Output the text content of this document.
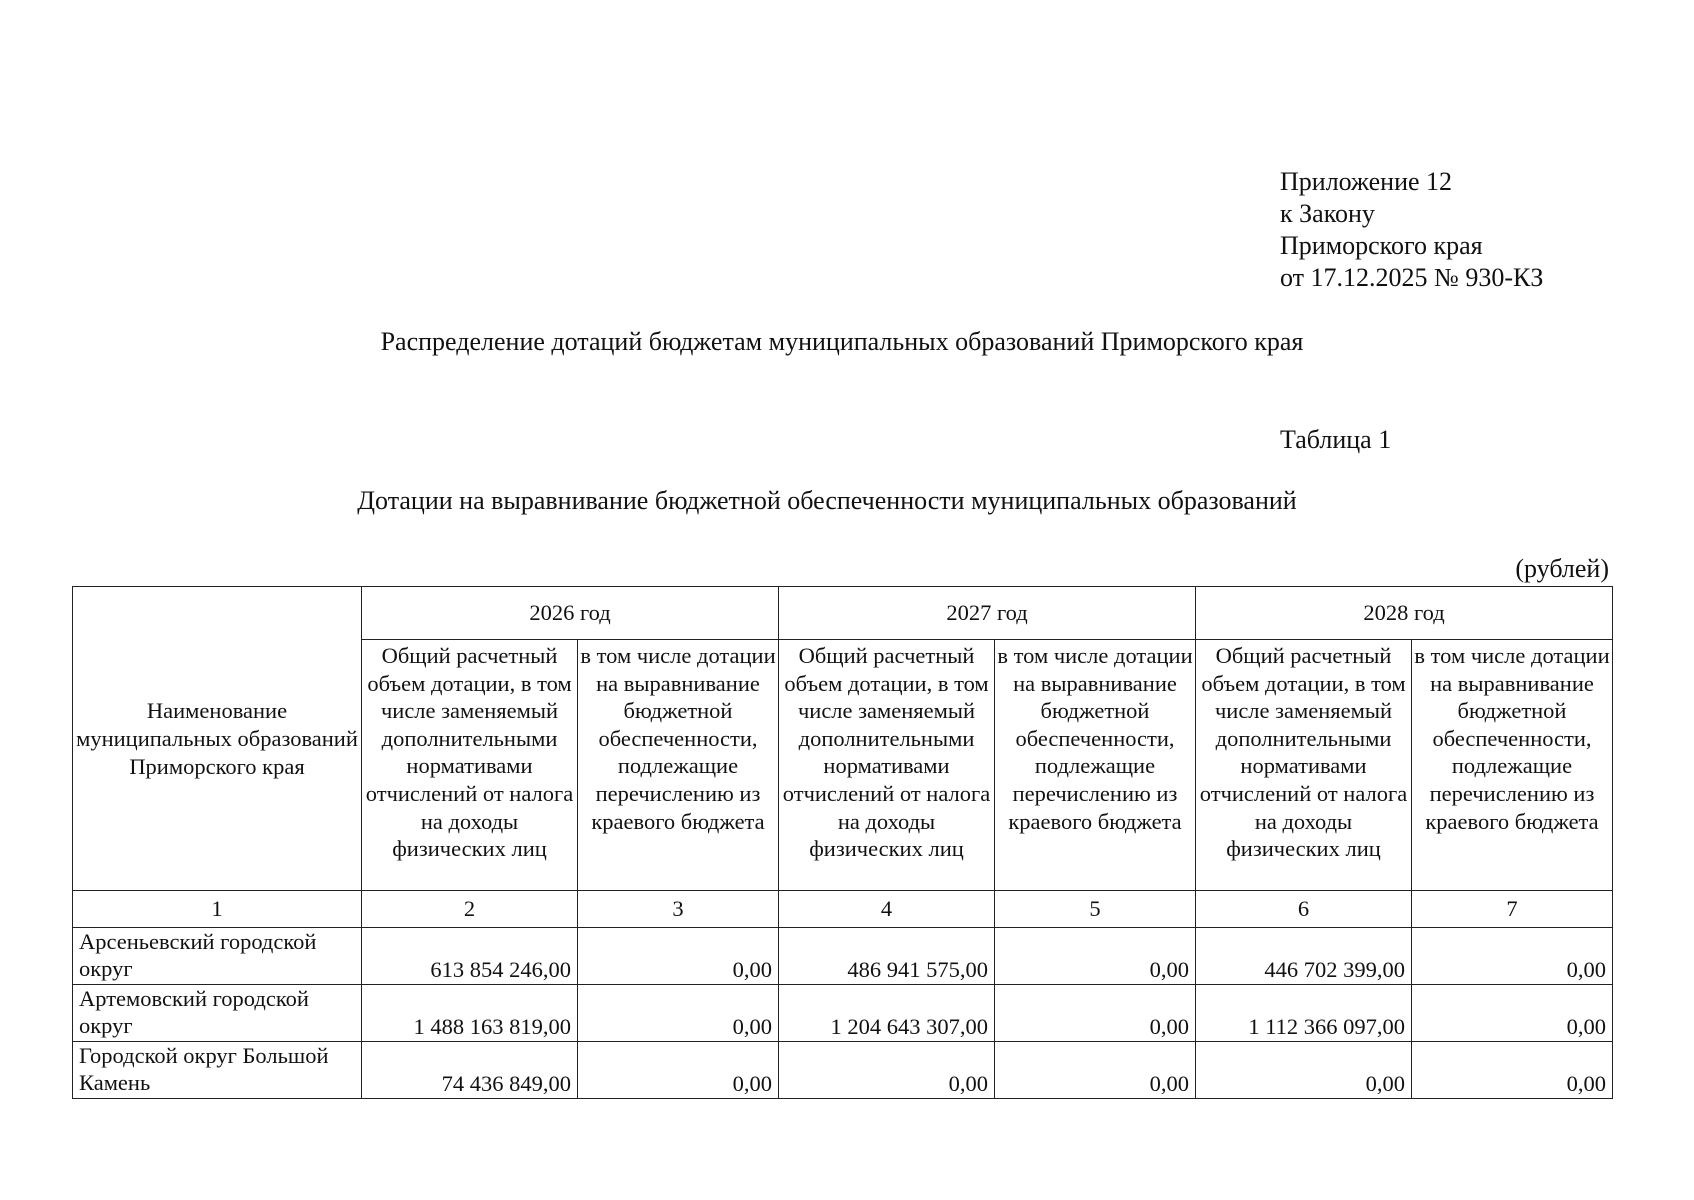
Приложение 12
к Закону
Приморского края
от 17.12.2025 № 930-КЗ
Распределение дотаций бюджетам муниципальных образований Приморского края
Таблица 1
Дотации на выравнивание бюджетной обеспеченности муниципальных образований
(рублей)
Наименование муниципальных образований Приморского края	2026 год		2027 год		2028 год	
	Общий расчетный объем дотации, в том числе заменяемый дополнительными нормативами отчислений от налога на доходы физических лиц	в том числе дотации на выравнивание бюджетной обеспеченности, подлежащие перечислению из краевого бюджета	Общий расчетный объем дотации, в том числе заменяемый дополнительными нормативами отчислений от налога на доходы физических лиц	в том числе дотации на выравнивание бюджетной обеспеченности, подлежащие перечислению из краевого бюджета	Общий расчетный объем дотации, в том числе заменяемый дополнительными нормативами отчислений от налога на доходы физических лиц	в том числе дотации на выравнивание бюджетной обеспеченности, подлежащие перечислению из краевого бюджета
1	2	3	4	5	6	7
Арсеньевский городской округ	613 854 246,00	0,00	486 941 575,00	0,00	446 702 399,00	0,00
Артемовский городской округ	1 488 163 819,00	0,00	1 204 643 307,00	0,00	1 112 366 097,00	0,00
Городской округ Большой Камень	74 436 849,00	0,00	0,00	0,00	0,00	0,00
